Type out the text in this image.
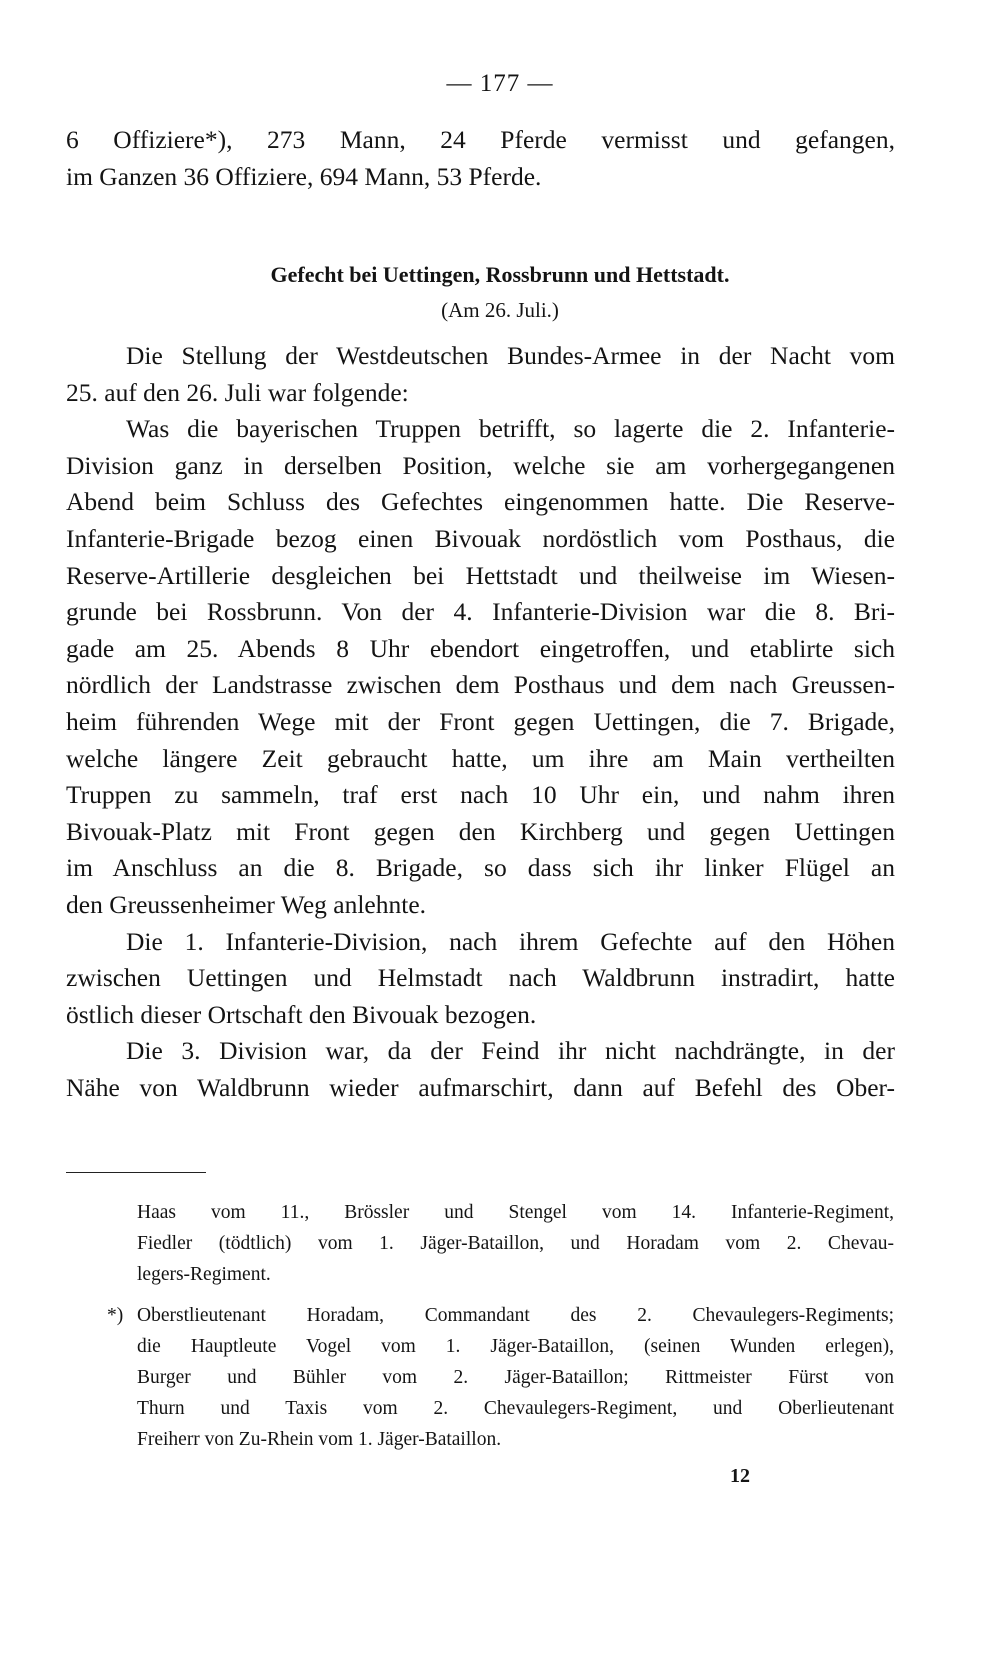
— 177 —
6 Offiziere*), 273 Mann, 24 Pferde vermisst und gefangen,
im Ganzen 36 Offiziere, 694 Mann, 53 Pferde.
Gefecht bei Uettingen, Rossbrunn und Hettstadt.
(Am 26. Juli.)
Die Stellung der Westdeutschen Bundes-Armee in der Nacht vom
25. auf den 26. Juli war folgende:
Was die bayerischen Truppen betrifft, so lagerte die 2. Infanterie-
Division ganz in derselben Position, welche sie am vorhergegangenen
Abend beim Schluss des Gefechtes eingenommen hatte. Die Reserve-
Infanterie-Brigade bezog einen Bivouak nordöstlich vom Posthaus, die
Reserve-Artillerie desgleichen bei Hettstadt und theilweise im Wiesen-
grunde bei Rossbrunn. Von der 4. Infanterie-Division war die 8. Bri-
gade am 25. Abends 8 Uhr ebendort eingetroffen, und etablirte sich
nördlich der Landstrasse zwischen dem Posthaus und dem nach Greussen-
heim führenden Wege mit der Front gegen Uettingen, die 7. Brigade,
welche längere Zeit gebraucht hatte, um ihre am Main vertheilten
Truppen zu sammeln, traf erst nach 10 Uhr ein, und nahm ihren
Bivouak-Platz mit Front gegen den Kirchberg und gegen Uettingen
im Anschluss an die 8. Brigade, so dass sich ihr linker Flügel an
den Greussenheimer Weg anlehnte.
Die 1. Infanterie-Division, nach ihrem Gefechte auf den Höhen
zwischen Uettingen und Helmstadt nach Waldbrunn instradirt, hatte
östlich dieser Ortschaft den Bivouak bezogen.
Die 3. Division war, da der Feind ihr nicht nachdrängte, in der
Nähe von Waldbrunn wieder aufmarschirt, dann auf Befehl des Ober-
Haas vom 11., Brössler und Stengel vom 14. Infanterie-Regiment,
Fiedler (tödtlich) vom 1. Jäger-Bataillon, und Horadam vom 2. Chevau-
legers-Regiment.
*) Oberstlieutenant Horadam, Commandant des 2. Chevaulegers-Regiments;
die Hauptleute Vogel vom 1. Jäger-Bataillon, (seinen Wunden erlegen),
Burger und Bühler vom 2. Jäger-Bataillon; Rittmeister Fürst von
Thurn und Taxis vom 2. Chevaulegers-Regiment, und Oberlieutenant
Freiherr von Zu-Rhein vom 1. Jäger-Bataillon.
12
